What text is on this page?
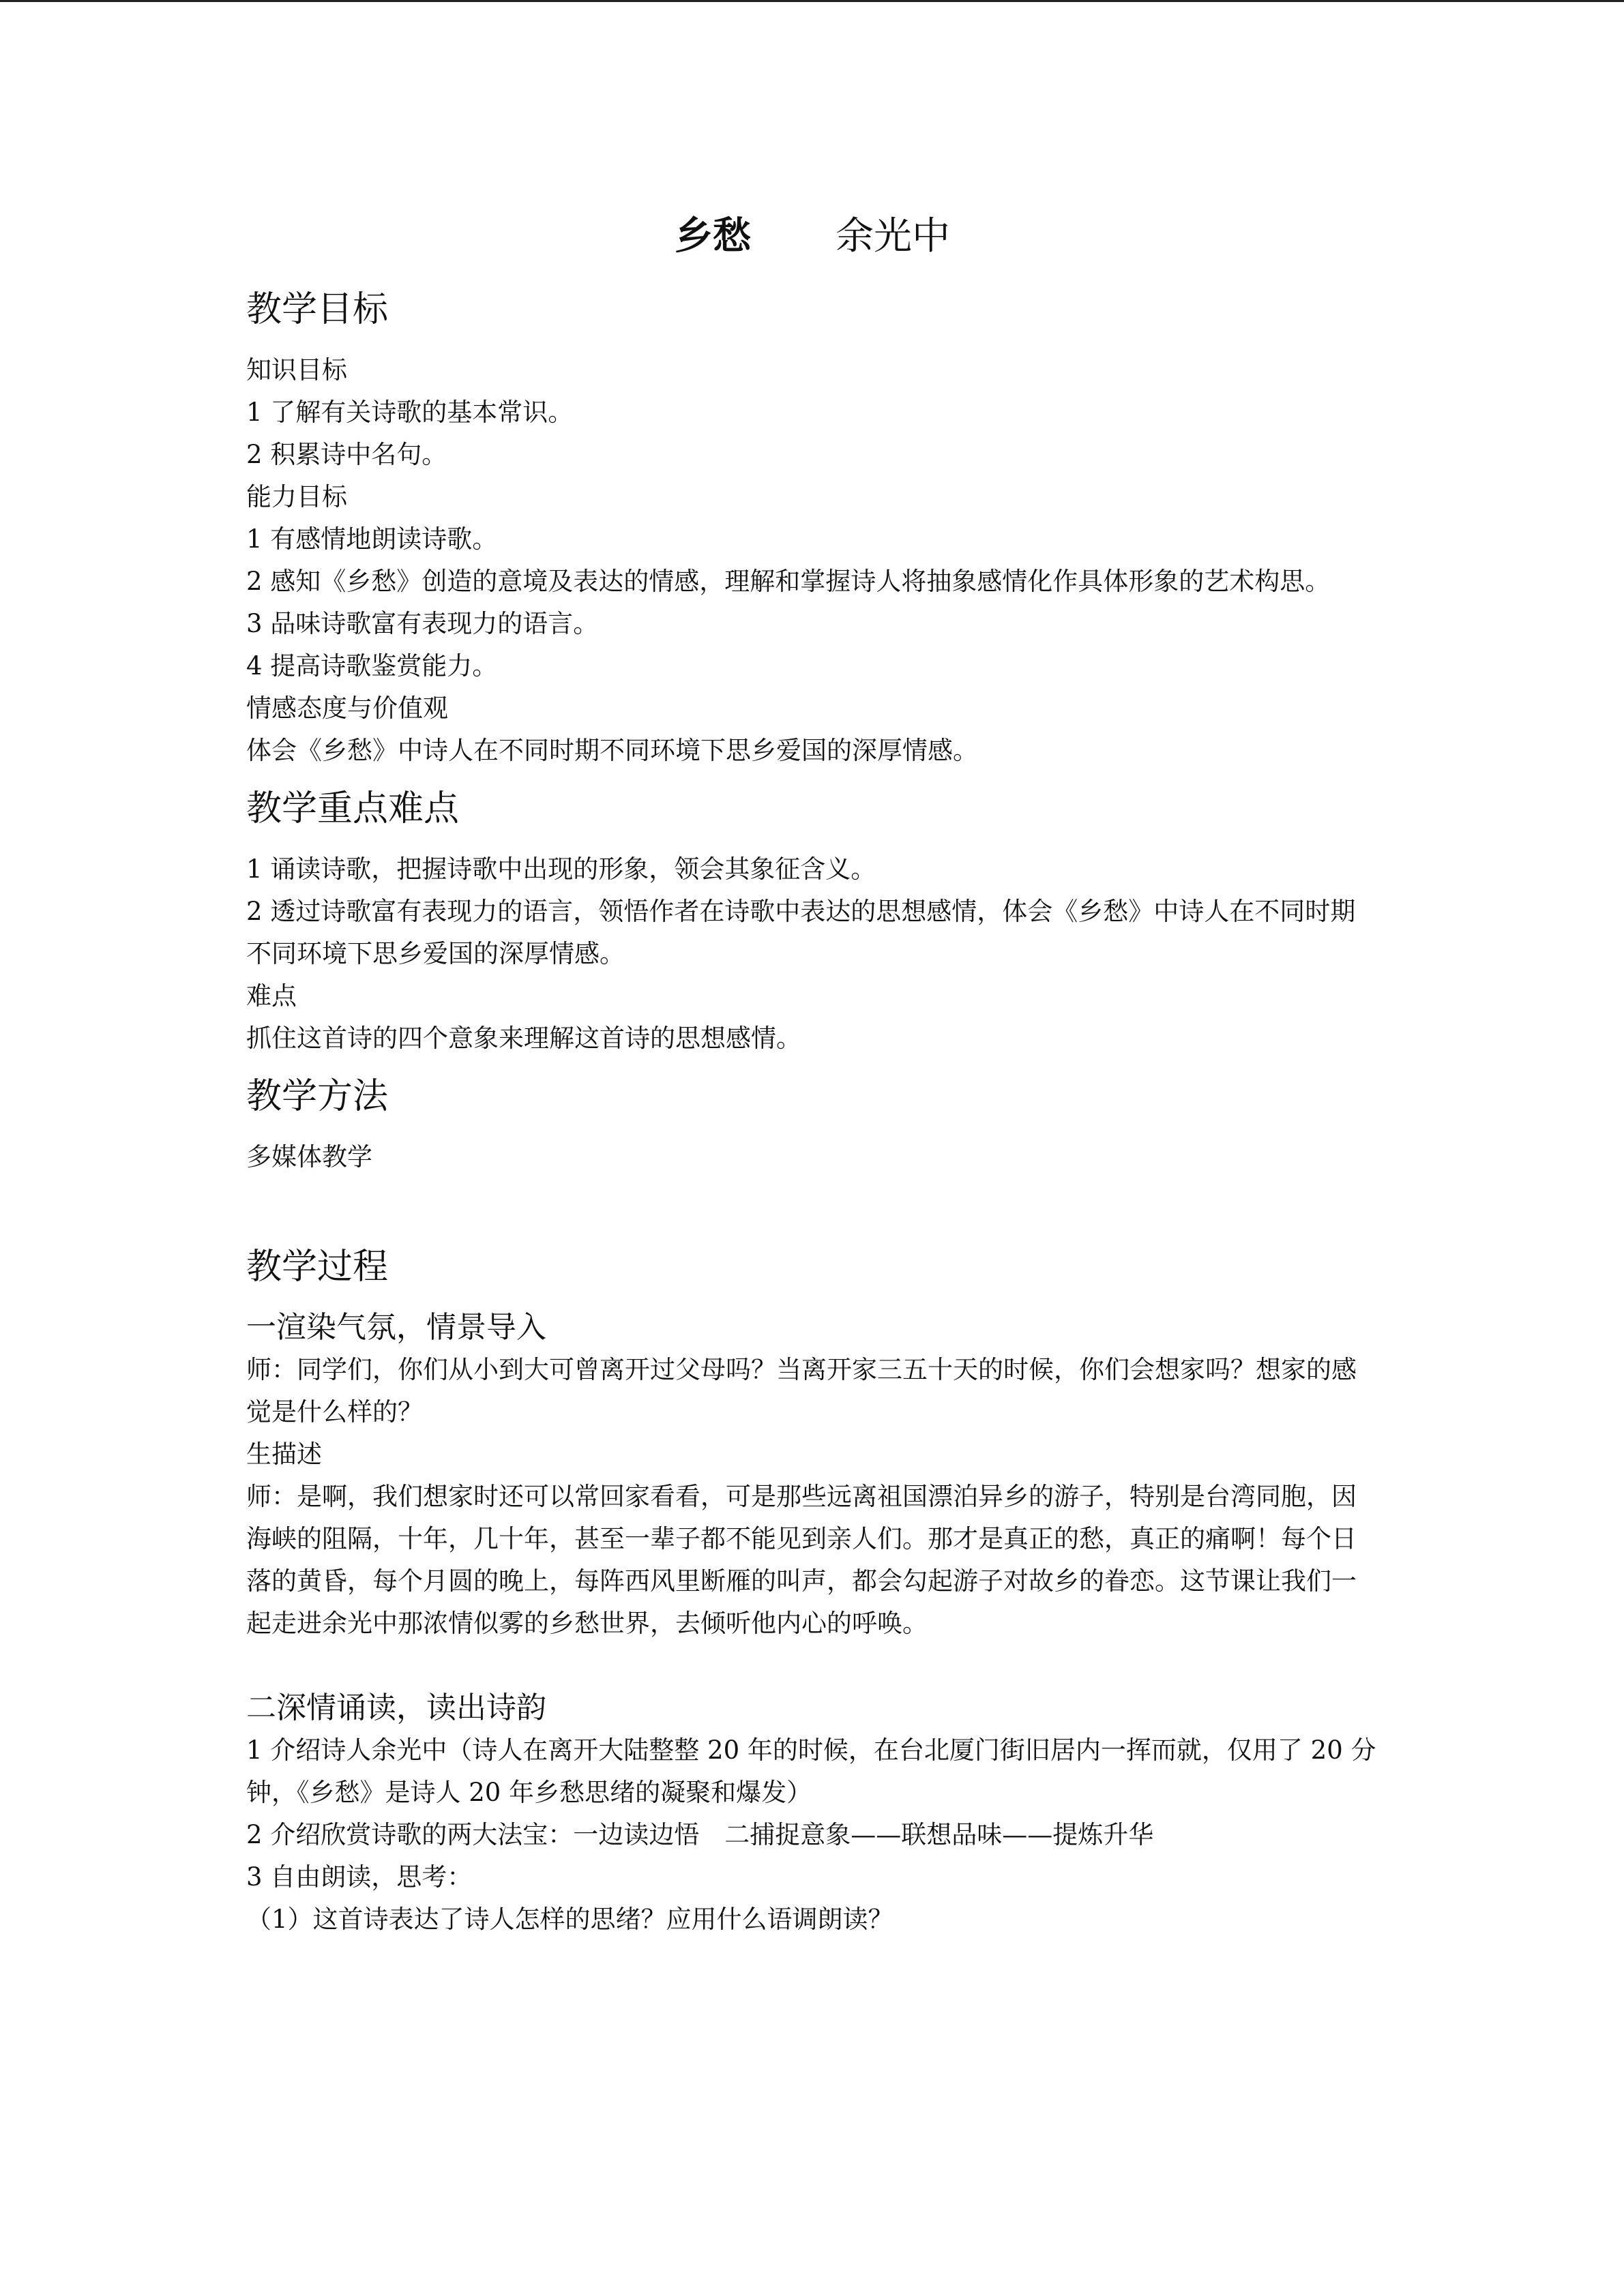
乡愁 余光中
教学目标
知识目标
1 了解有关诗歌的基本常识。
2 积累诗中名句。
能力目标
1 有感情地朗读诗歌。
2 感知《乡愁》创造的意境及表达的情感，理解和掌握诗人将抽象感情化作具体形象的艺术构思。
3 品味诗歌富有表现力的语言。
4 提高诗歌鉴赏能力。
情感态度与价值观
体会《乡愁》中诗人在不同时期不同环境下思乡爱国的深厚情感。
教学重点难点
1 诵读诗歌，把握诗歌中出现的形象，领会其象征含义。
2 透过诗歌富有表现力的语言，领悟作者在诗歌中表达的思想感情，体会《乡愁》中诗人在不同时期不同环境下思乡爱国的深厚情感。
难点
抓住这首诗的四个意象来理解这首诗的思想感情。
教学方法
多媒体教学
教学过程
一渲染气氛，情景导入
师：同学们，你们从小到大可曾离开过父母吗？当离开家三五十天的时候，你们会想家吗？想家的感觉是什么样的？
生描述
师：是啊，我们想家时还可以常回家看看，可是那些远离祖国漂泊异乡的游子，特别是台湾同胞，因海峡的阻隔，十年，几十年，甚至一辈子都不能见到亲人们。那才是真正的愁，真正的痛啊！每个日落的黄昏，每个月圆的晚上，每阵西风里断雁的叫声，都会勾起游子对故乡的眷恋。这节课让我们一起走进余光中那浓情似雾的乡愁世界，去倾听他内心的呼唤。
二深情诵读，读出诗韵
1 介绍诗人余光中（诗人在离开大陆整整 20 年的时候，在台北厦门街旧居内一挥而就，仅用了 20 分钟，《乡愁》是诗人 20 年乡愁思绪的凝聚和爆发）
2 介绍欣赏诗歌的两大法宝：一边读边悟　二捕捉意象——联想品味——提炼升华
3 自由朗读，思考：
（1）这首诗表达了诗人怎样的思绪？应用什么语调朗读？
